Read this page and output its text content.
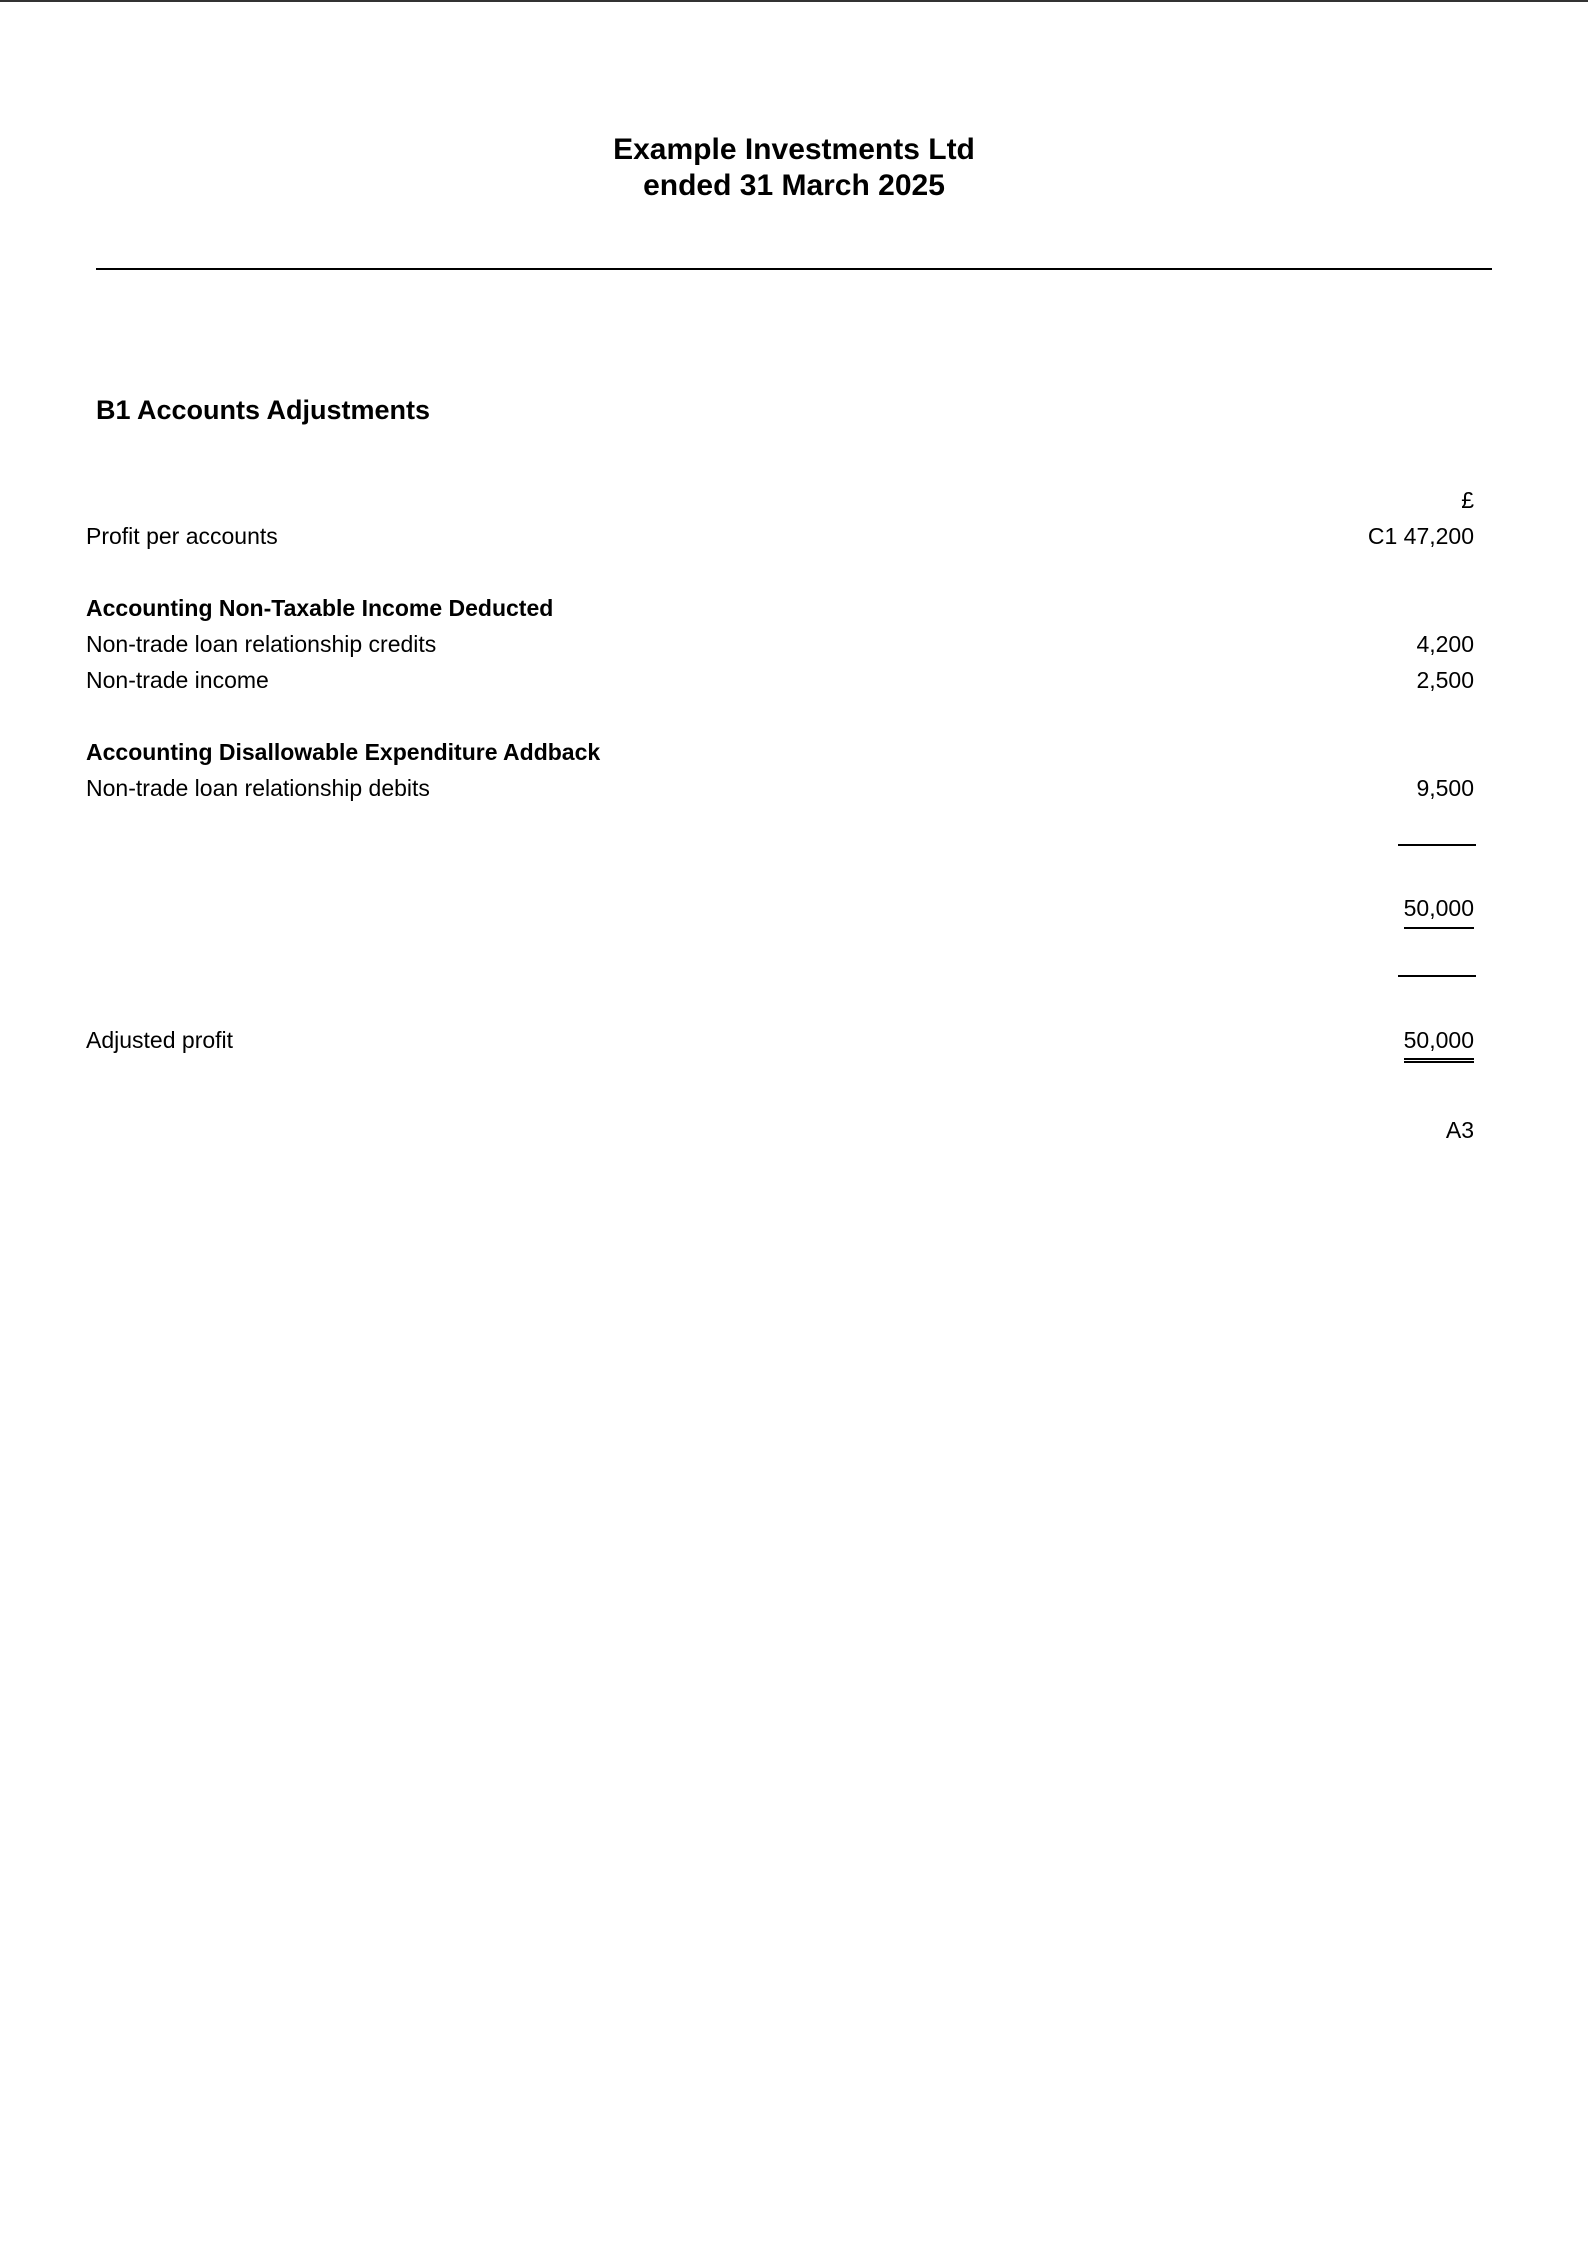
Example Investments Ltd
ended 31 March 2025
B1 Accounts Adjustments
£
Profit per accounts	C1 47,200
Accounting Non-Taxable Income Deducted
Non-trade loan relationship credits	4,200
Non-trade income	2,500
Accounting Disallowable Expenditure Addback
Non-trade loan relationship debits	9,500
50,000
Adjusted profit	50,000
A3
